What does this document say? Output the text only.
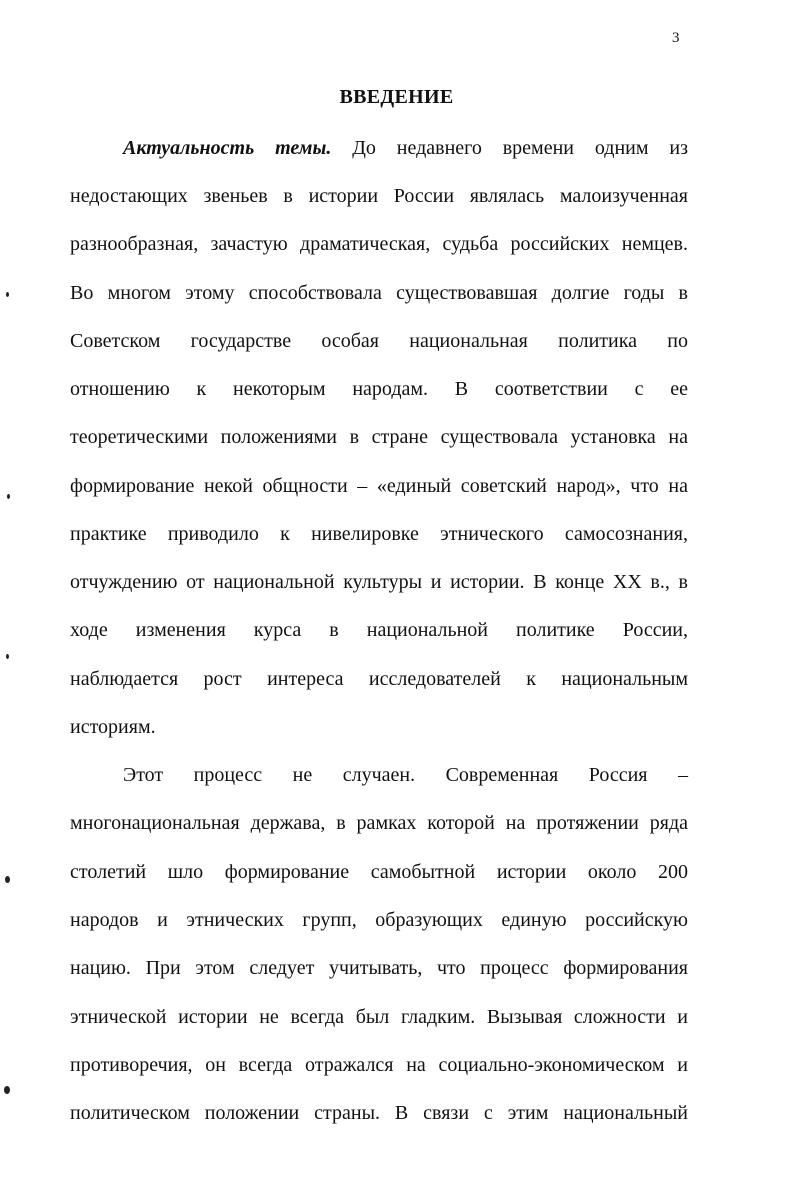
3
ВВЕДЕНИЕ
Актуальность темы. До недавнего времени одним из
недостающих звеньев в истории России являлась малоизученная
разнообразная, зачастую драматическая, судьба российских немцев.
Во многом этому способствовала существовавшая долгие годы в
Советском государстве особая национальная политика по
отношению к некоторым народам. В соответствии с ее
теоретическими положениями в стране существовала установка на
формирование некой общности – «единый советский народ», что на
практике приводило к нивелировке этнического самосознания,
отчуждению от национальной культуры и истории. В конце XX в., в
ходе изменения курса в национальной политике России,
наблюдается рост интереса исследователей к национальным
историям.
Этот процесс не случаен. Современная Россия –
многонациональная держава, в рамках которой на протяжении ряда
столетий шло формирование самобытной истории около 200
народов и этнических групп, образующих единую российскую
нацию. При этом следует учитывать, что процесс формирования
этнической истории не всегда был гладким. Вызывая сложности и
противоречия, он всегда отражался на социально-экономическом и
политическом положении страны. В связи с этим национальный
